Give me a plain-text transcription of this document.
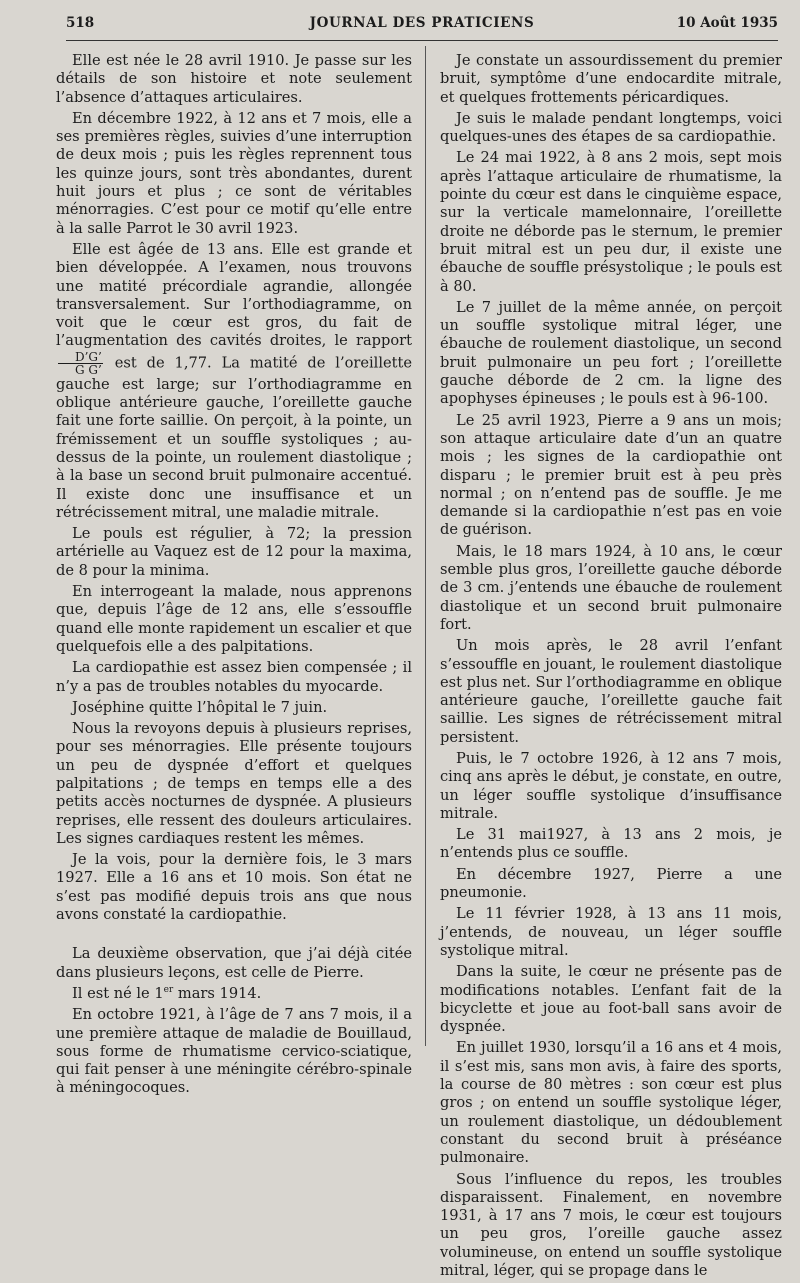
518	JOURNAL DES PRATICIENS	10 Août 1935

Elle est née le 28 avril 1910. Je passe sur les détails de son histoire et note seulement l’absence d’attaques articulaires.

En décembre 1922, à 12 ans et 7 mois, elle a ses premières règles, suivies d’une interruption de deux mois ; puis les règles reprennent tous les quinze jours, sont très abondantes, durent huit jours et plus ; ce sont de véritables ménorragies. C’est pour ce motif qu’elle entre à la salle Parrot le 30 avril 1923.

Elle est âgée de 13 ans. Elle est grande et bien développée. A l’examen, nous trouvons une matité précordiale agrandie, allongée transversalement. Sur l’orthodiagramme, on voit que le cœur est gros, du fait de l’augmentation des cavités droites, le rapport
$\frac{D’G’}{\text{G G’}}$ est de 1,77. La matité de l’oreillette gauche est large; sur l’orthodiagramme en oblique antérieure gauche, l’oreillette gauche fait une forte saillie. On perçoit, à la pointe, un frémissement et un souffle systoliques ; au-dessus de la pointe, un roulement diastolique ; à la base un second bruit pulmonaire accentué. Il existe donc une insuffisance et un rétrécissement mitral, une maladie mitrale.

Le pouls est régulier, à 72; la pression artérielle au Vaquez est de 12 pour la maxima, de 8 pour la minima.

En interrogeant la malade, nous apprenons que, depuis l’âge de 12 ans, elle s’essouffle quand elle monte rapidement un escalier et que quelquefois elle a des palpitations.

La cardiopathie est assez bien compensée ; il n’y a pas de troubles notables du myocarde.

Joséphine quitte l’hôpital le 7 juin.

Nous la revoyons depuis à plusieurs reprises, pour ses ménorragies. Elle présente toujours un peu de dyspnée d’effort et quelques palpitations ; de temps en temps elle a des petits accès nocturnes de dyspnée. A plusieurs reprises, elle ressent des douleurs articulaires. Les signes cardiaques restent les mêmes.

Je la vois, pour la dernière fois, le 3 mars 1927. Elle a 16 ans et 10 mois. Son état ne s’est pas modifié depuis trois ans que nous avons constaté la cardiopathie.

La deuxième observation, que j’ai déjà citée dans plusieurs leçons, est celle de Pierre.

Il est né le 1er mars 1914.

En octobre 1921, à l’âge de 7 ans 7 mois, il a une première attaque de maladie de Bouillaud, sous forme de rhumatisme cervico-sciatique, qui fait penser à une méningite cérébro-spinale à méningocoques.

Je constate un assourdissement du premier bruit, symptôme d’une endocardite mitrale, et quelques frottements péricardiques.

Je suis le malade pendant longtemps, voici quelques-unes des étapes de sa cardiopathie.

Le 24 mai 1922, à 8 ans 2 mois, sept mois après l’attaque articulaire de rhumatisme, la pointe du cœur est dans le cinquième espace, sur la verticale mamelonnaire, l’oreillette droite ne déborde pas le sternum, le premier bruit mitral est un peu dur, il existe une ébauche de souffle présystolique ; le pouls est à 80.

Le 7 juillet de la même année, on perçoit un souffle systolique mitral léger, une ébauche de roulement diastolique, un second bruit pulmonaire un peu fort ; l’oreillette gauche déborde de 2 cm. la ligne des apophyses épineuses ; le pouls est à 96-100.

Le 25 avril 1923, Pierre a 9 ans un mois; son attaque articulaire date d’un an quatre mois ; les signes de la cardiopathie ont disparu ; le premier bruit est à peu près normal ; on n’entend pas de souffle. Je me demande si la cardiopathie n’est pas en voie de guérison.

Mais, le 18 mars 1924, à 10 ans, le cœur semble plus gros, l’oreillette gauche déborde de 3 cm. j’entends une ébauche de roulement diastolique et un second bruit pulmonaire fort.

Un mois après, le 28 avril l’enfant s’essouffle en jouant, le roulement diastolique est plus net. Sur l’orthodiagramme en oblique antérieure gauche, l’oreillette gauche fait saillie. Les signes de rétrécissement mitral persistent.

Puis, le 7 octobre 1926, à 12 ans 7 mois, cinq ans après le début, je constate, en outre, un léger souffle systolique d’insuffisance mitrale.

Le 31 mai1927, à 13 ans 2 mois, je n’entends plus ce souffle.

En décembre 1927, Pierre a une pneumonie.

Le 11 février 1928, à 13 ans 11 mois, j’entends, de nouveau, un léger souffle systolique mitral.

Dans la suite, le cœur ne présente pas de modifications notables. L’enfant fait de la bicyclette et joue au foot-ball sans avoir de dyspnée.

En juillet 1930, lorsqu’il a 16 ans et 4 mois, il s’est mis, sans mon avis, à faire des sports, la course de 80 mètres : son cœur est plus gros ; on entend un souffle systolique léger, un roulement diastolique, un dédoublement constant du second bruit à préséance pulmonaire.

Sous l’influence du repos, les troubles disparaissent. Finalement, en novembre 1931, à 17 ans 7 mois, le cœur est toujours un peu gros, l’oreille gauche assez volumineuse, on entend un souffle systolique mitral, léger, qui se propage dans le
